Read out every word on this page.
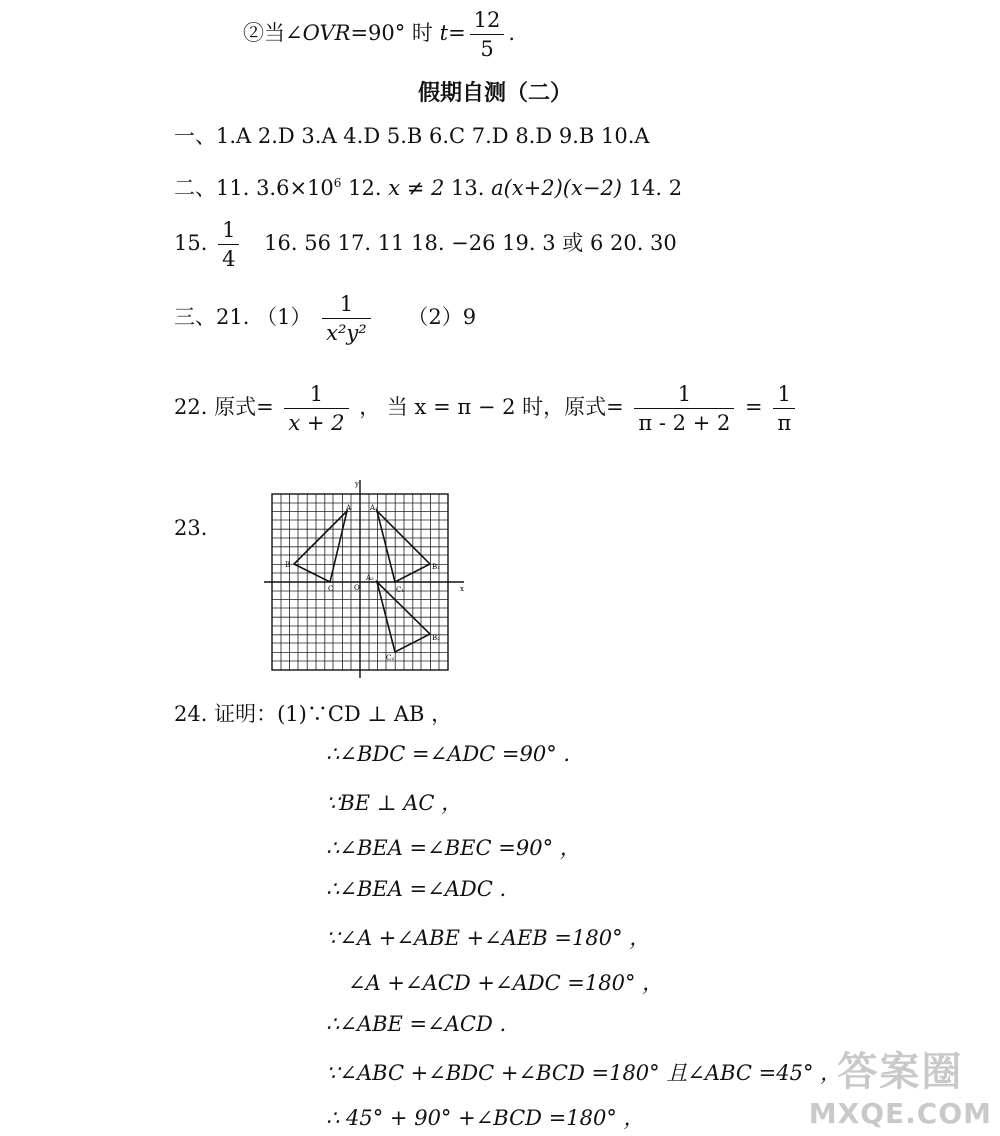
②当∠OVR=90° 时 $t= \frac{12}{5}$ .
假期自测（二）
一、1.A 2.D 3.A 4.D 5.B 6.C 7.D 8.D 9.B 10.A
二、11. $3.6\times 10^6$ 12. x ≠ 2 13. a(x+2)(x−2) 14. 2
15. $\frac{1}{4} 16$. 56 17. 11 18. −26 19. 3 或 6 20. 30
三、21. $(1) \frac{1}{\text{x²y²}} (2)9$
22. 原式= $\frac{1}{x + 2}$ ， 当 x = π − 2 时，原式= $\frac{1}{\pi - 2 + 2} = \frac{1}{\pi}$
23.
y
x
O
A
B
C
A₁
B₁
C₁
A₂
B₂
C₂
24. 证明：(1)∵CD ⊥ AB ，
∴∠BDC =∠ADC =90° .
∵BE ⊥ AC ，
∴∠BEA =∠BEC =90° ，
∴∠BEA =∠ADC .
∵∠A +∠ABE +∠AEB =180° ，
∠A +∠ACD +∠ADC =180° ，
∴∠ABE =∠ACD .
∵∠ABC +∠BDC +∠BCD =180° 且∠ABC =45° ，
∴ 45° + 90° +∠BCD =180° ，
答案圈
MXQE.COM
